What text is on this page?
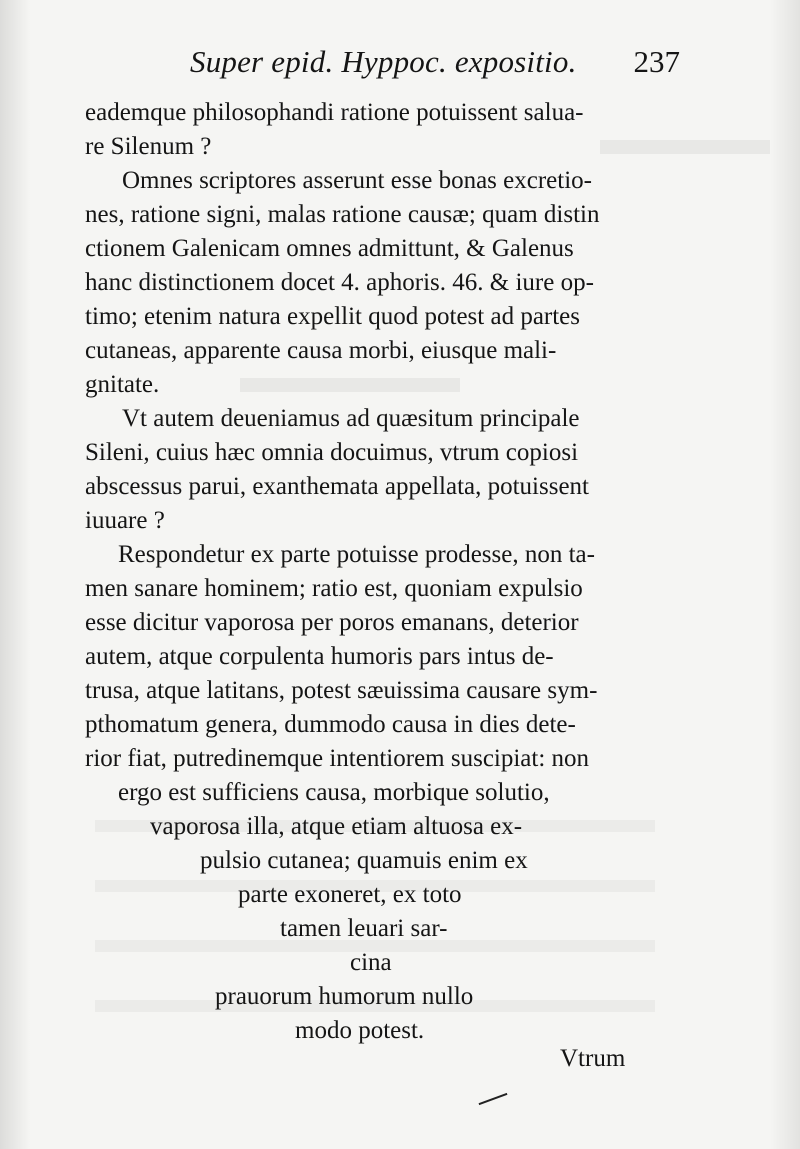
Super epid. Hyppoc. expositio. 237
eademque philosophandi ratione potuissent salua-
re Silenum ?
Omnes scriptores asserunt esse bonas excretio-
nes, ratione signi, malas ratione causæ; quam distin
ctionem Galenicam omnes admittunt, & Galenus
hanc distinctionem docet 4. aphoris. 46. & iure op-
timo; etenim natura expellit quod potest ad partes
cutaneas, apparente causa morbi, eiusque mali-
gnitate.
Vt autem deueniamus ad quæsitum principale
Sileni, cuius hæc omnia docuimus, vtrum copiosi
abscessus parui, exanthemata appellata, potuissent
iuuare ?
Respondetur ex parte potuisse prodesse, non ta-
men sanare hominem; ratio est, quoniam expulsio
esse dicitur vaporosa per poros emanans, deterior
autem, atque corpulenta humoris pars intus de-
trusa, atque latitans, potest sæuissima causare sym-
pthomatum genera, dummodo causa in dies dete-
rior fiat, putredinemque intentiorem suscipiat: non
ergo est sufficiens causa, morbique solutio,
vaporosa illa, atque etiam altuosa ex-
pulsio cutanea; quamuis enim ex
parte exoneret, ex toto
tamen leuari sar-
cina
prauorum humorum nullo
modo potest.
Vtrum
